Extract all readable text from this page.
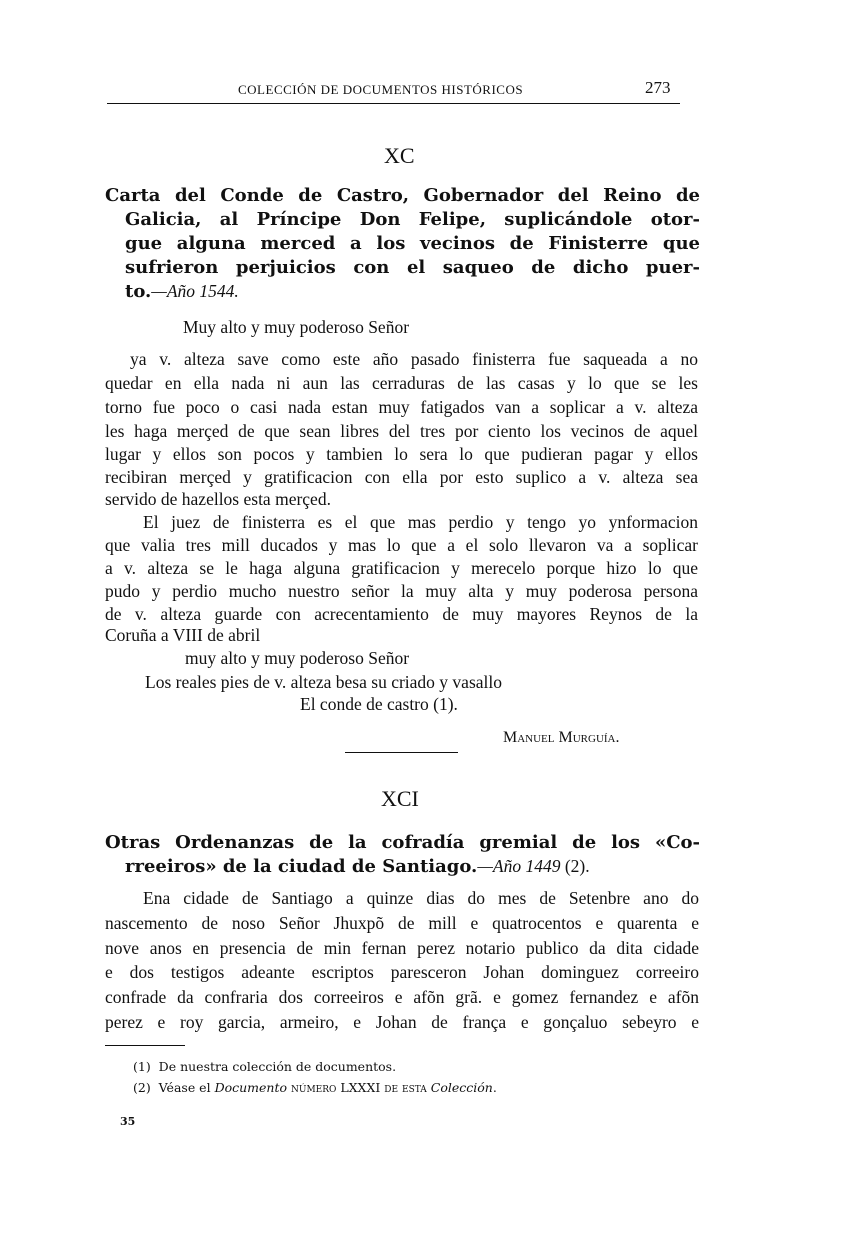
COLECCIÓN DE DOCUMENTOS HISTÓRICOS	273
XC
Carta del Conde de Castro, Gobernador del Reino de
Galicia, al Príncipe Don Felipe, suplicándole otor-
gue alguna merced a los vecinos de Finisterre que
sufrieron perjuicios con el saqueo de dicho puer-
to.—Año 1544.
Muy alto y muy poderoso Señor
ya v. alteza save como este año pasado finisterra fue saqueada a no
quedar en ella nada ni aun las cerraduras de las casas y lo que se les
torno fue poco o casi nada estan muy fatigados van a soplicar a v. alteza
les haga merçed de que sean libres del tres por ciento los vecinos de aquel
lugar y ellos son pocos y tambien lo sera lo que pudieran pagar y ellos
recibiran merçed y gratificacion con ella por esto suplico a v. alteza sea
servido de hazellos esta merçed.
El juez de finisterra es el que mas perdio y tengo yo ynformacion
que valia tres mill ducados y mas lo que a el solo llevaron va a soplicar
a v. alteza se le haga alguna gratificacion y merecelo porque hizo lo que
pudo y perdio mucho nuestro señor la muy alta y muy poderosa persona
de v. alteza guarde con acrecentamiento de muy mayores Reynos de la
Coruña a VIII de abril
muy alto y muy poderoso Señor
Los reales pies de v. alteza besa su criado y vasallo
El conde de castro (1).
Manuel Murguía.
XCI
Otras Ordenanzas de la cofradía gremial de los «Co-
rreeiros» de la ciudad de Santiago.—Año 1449 (2).
Ena cidade de Santiago a quinze dias do mes de Setenbre ano do
nascemento de noso Señor Jhuxpõ de mill e quatrocentos e quarenta e
nove anos en presencia de min fernan perez notario publico da dita cidade
e dos testigos adeante escriptos paresceron Johan dominguez correeiro
confrade da confraria dos correeiros e afõn grã. e gomez fernandez e afõn
perez e roy garcia, armeiro, e Johan de frança e gonçaluo sebeyro e
(1) De nuestra colección de documentos.
(2) Véase el Documento número LXXXI de esta Colección.
35
